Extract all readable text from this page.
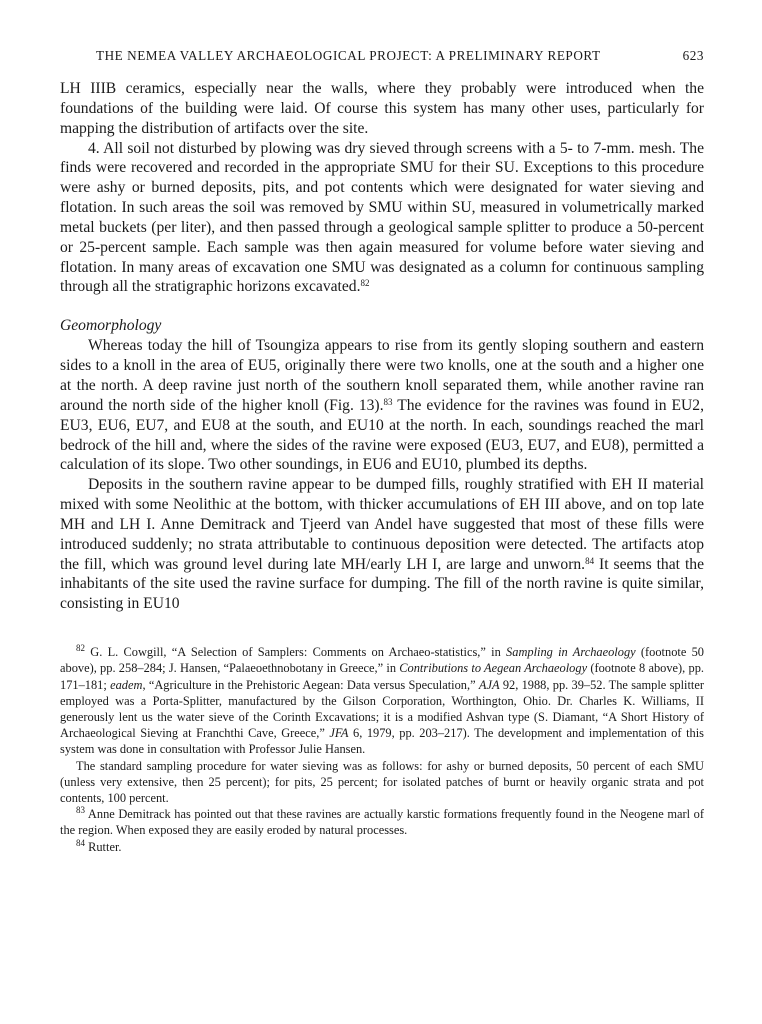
THE NEMEA VALLEY ARCHAEOLOGICAL PROJECT: A PRELIMINARY REPORT	623

LH IIIB ceramics, especially near the walls, where they probably were introduced when the foundations of the building were laid. Of course this system has many other uses, particularly for mapping the distribution of artifacts over the site.

4. All soil not disturbed by plowing was dry sieved through screens with a 5- to 7-mm. mesh. The finds were recovered and recorded in the appropriate SMU for their SU. Exceptions to this procedure were ashy or burned deposits, pits, and pot contents which were designated for water sieving and flotation. In such areas the soil was removed by SMU within SU, measured in volumetrically marked metal buckets (per liter), and then passed through a geological sample splitter to produce a 50-percent or 25-percent sample. Each sample was then again measured for volume before water sieving and flotation. In many areas of excavation one SMU was designated as a column for continuous sampling through all the stratigraphic horizons excavated.$^{82}$

Geomorphology

Whereas today the hill of Tsoungiza appears to rise from its gently sloping southern and eastern sides to a knoll in the area of EU5, originally there were two knolls, one at the south and a higher one at the north. A deep ravine just north of the southern knoll separated them, while another ravine ran around the north side of the higher knoll (Fig. 13).$^{83}$ The evidence for the ravines was found in EU2, EU3, EU6, EU7, and EU8 at the south, and EU10 at the north. In each, soundings reached the marl bedrock of the hill and, where the sides of the ravine were exposed (EU3, EU7, and EU8), permitted a calculation of its slope. Two other soundings, in EU6 and EU10, plumbed its depths.

Deposits in the southern ravine appear to be dumped fills, roughly stratified with EH II material mixed with some Neolithic at the bottom, with thicker accumulations of EH III above, and on top late MH and LH I. Anne Demitrack and Tjeerd van Andel have suggested that most of these fills were introduced suddenly; no strata attributable to continuous deposition were detected. The artifacts atop the fill, which was ground level during late MH/early LH I, are large and unworn.$^{84}$ It seems that the inhabitants of the site used the ravine surface for dumping. The fill of the north ravine is quite similar, consisting in EU10

$^{82}$ G. L. Cowgill, “A Selection of Samplers: Comments on Archaeo-statistics,” in Sampling in Archaeology (footnote 50 above), pp. 258–284; J. Hansen, “Palaeoethnobotany in Greece,” in Contributions to Aegean Archaeology (footnote 8 above), pp. 171–181; eadem, “Agriculture in the Prehistoric Aegean: Data versus Speculation,” AJA 92, 1988, pp. 39–52. The sample splitter employed was a Porta-Splitter, manufactured by the Gilson Corporation, Worthington, Ohio. Dr. Charles K. Williams, II generously lent us the water sieve of the Corinth Excavations; it is a modified Ashvan type (S. Diamant, “A Short History of Archaeological Sieving at Franchthi Cave, Greece,” JFA 6, 1979, pp. 203–217). The development and implementation of this system was done in consultation with Professor Julie Hansen.

The standard sampling procedure for water sieving was as follows: for ashy or burned deposits, 50 percent of each SMU (unless very extensive, then 25 percent); for pits, 25 percent; for isolated patches of burnt or heavily organic strata and pot contents, 100 percent.

$^{83}$ Anne Demitrack has pointed out that these ravines are actually karstic formations frequently found in the Neogene marl of the region. When exposed they are easily eroded by natural processes.

$^{84}$ Rutter.
